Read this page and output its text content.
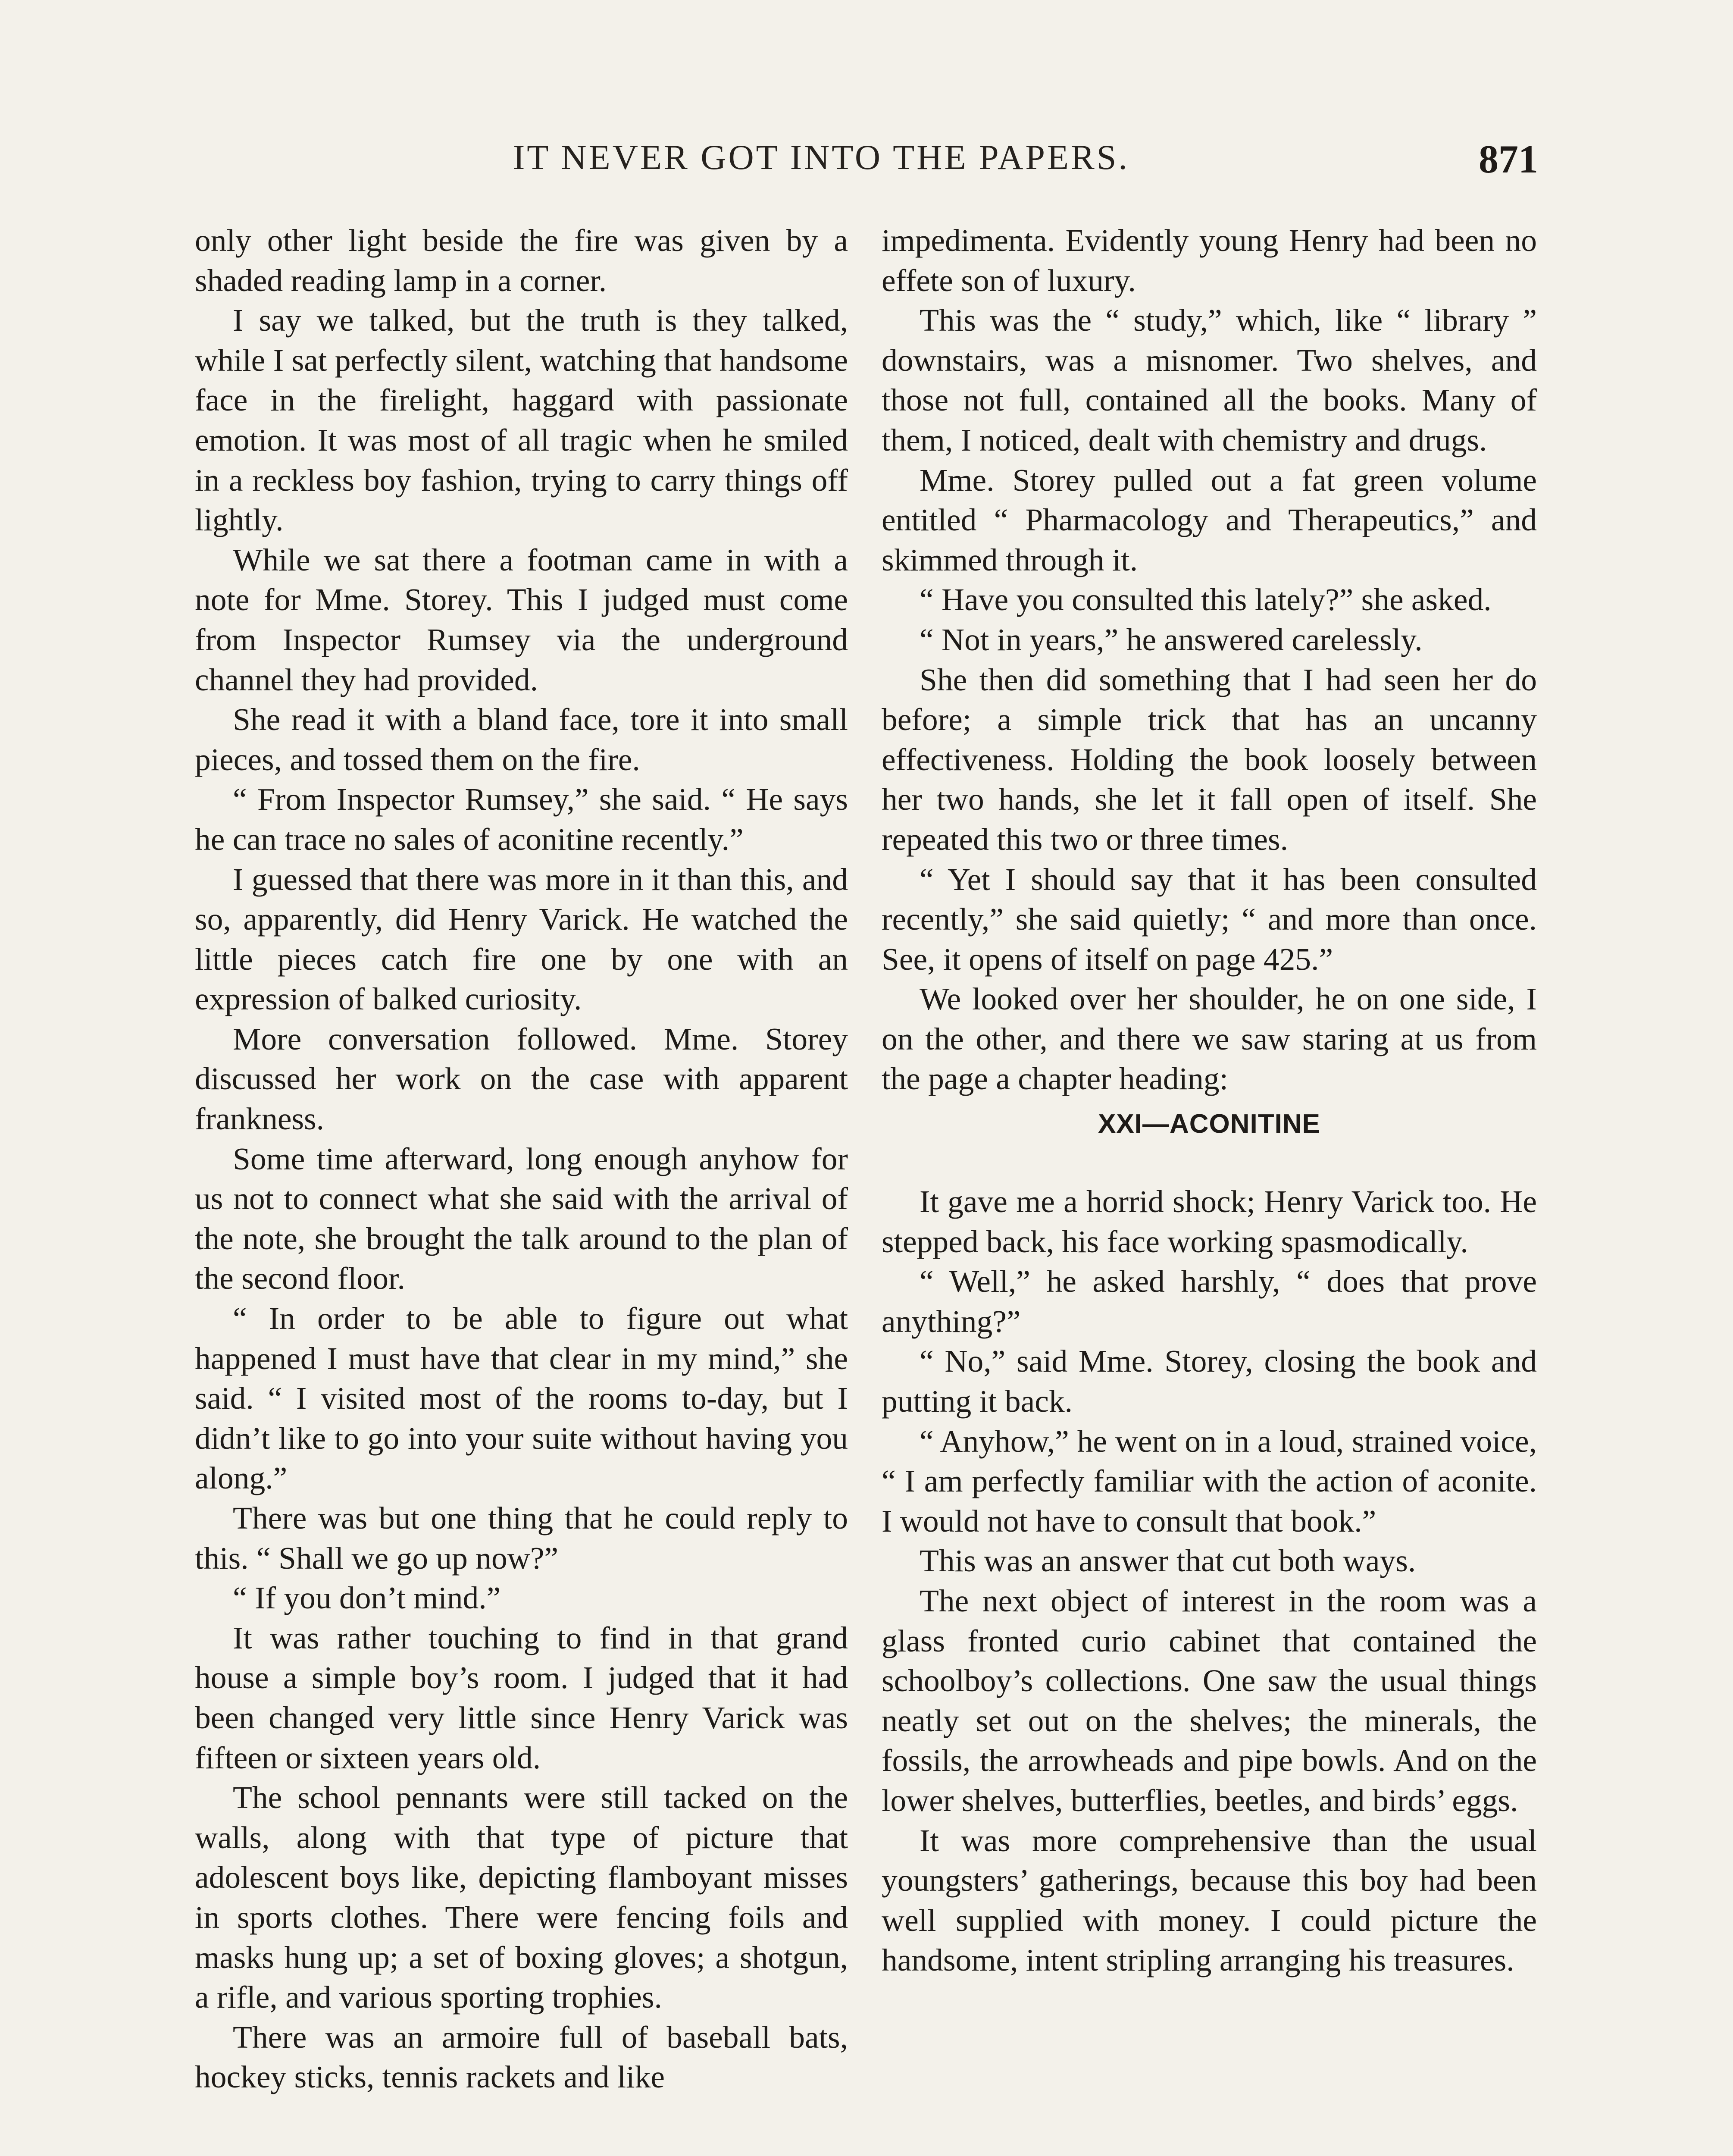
IT NEVER GOT INTO THE PAPERS.	871

only other light beside the fire was given by a shaded reading lamp in a corner.

I say we talked, but the truth is they talked, while I sat perfectly silent, watching that handsome face in the firelight, haggard with passionate emotion. It was most of all tragic when he smiled in a reckless boy fashion, trying to carry things off lightly.

While we sat there a footman came in with a note for Mme. Storey. This I judged must come from Inspector Rumsey via the underground channel they had provided.

She read it with a bland face, tore it into small pieces, and tossed them on the fire.

“ From Inspector Rumsey,” she said. “ He says he can trace no sales of aconitine recently.”

I guessed that there was more in it than this, and so, apparently, did Henry Varick. He watched the little pieces catch fire one by one with an expression of balked curiosity.

More conversation followed. Mme. Storey discussed her work on the case with apparent frankness.

Some time afterward, long enough anyhow for us not to connect what she said with the arrival of the note, she brought the talk around to the plan of the second floor.

“ In order to be able to figure out what happened I must have that clear in my mind,” she said. “ I visited most of the rooms to-day, but I didn’t like to go into your suite without having you along.”

There was but one thing that he could reply to this. “ Shall we go up now?”

“ If you don’t mind.”

It was rather touching to find in that grand house a simple boy’s room. I judged that it had been changed very little since Henry Varick was fifteen or sixteen years old.

The school pennants were still tacked on the walls, along with that type of picture that adolescent boys like, depicting flamboyant misses in sports clothes. There were fencing foils and masks hung up; a set of boxing gloves; a shotgun, a rifle, and various sporting trophies.

There was an armoire full of baseball bats, hockey sticks, tennis rackets and like

impedimenta. Evidently young Henry had been no effete son of luxury.

This was the “ study,” which, like “ library ” downstairs, was a misnomer. Two shelves, and those not full, contained all the books. Many of them, I noticed, dealt with chemistry and drugs.

Mme. Storey pulled out a fat green volume entitled “ Pharmacology and Therapeutics,” and skimmed through it.

“ Have you consulted this lately?” she asked.

“ Not in years,” he answered carelessly.

She then did something that I had seen her do before; a simple trick that has an uncanny effectiveness. Holding the book loosely between her two hands, she let it fall open of itself. She repeated this two or three times.

“ Yet I should say that it has been consulted recently,” she said quietly; “ and more than once. See, it opens of itself on page 425.”

We looked over her shoulder, he on one side, I on the other, and there we saw staring at us from the page a chapter heading:

XXI—ACONITINE

It gave me a horrid shock; Henry Varick too. He stepped back, his face working spasmodically.

“ Well,” he asked harshly, “ does that prove anything?”

“ No,” said Mme. Storey, closing the book and putting it back.

“ Anyhow,” he went on in a loud, strained voice, “ I am perfectly familiar with the action of aconite. I would not have to consult that book.”

This was an answer that cut both ways.

The next object of interest in the room was a glass fronted curio cabinet that contained the schoolboy’s collections. One saw the usual things neatly set out on the shelves; the minerals, the fossils, the arrowheads and pipe bowls. And on the lower shelves, butterflies, beetles, and birds’ eggs.

It was more comprehensive than the usual youngsters’ gatherings, because this boy had been well supplied with money. I could picture the handsome, intent stripling arranging his treasures.
